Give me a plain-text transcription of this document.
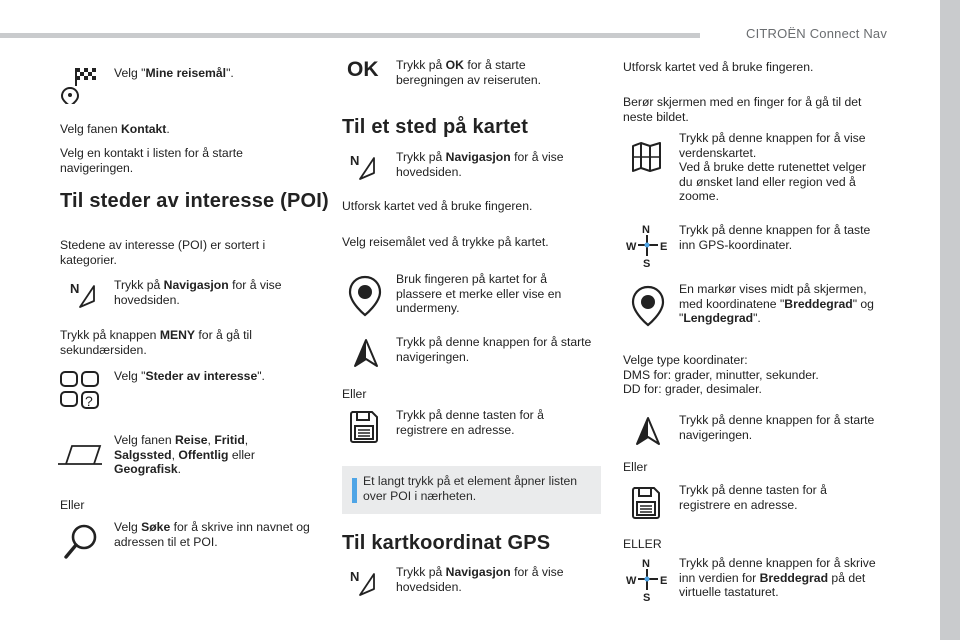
CITROËN Connect Nav
.
13
Velg "Mine reisemål".
Velg fanen Kontakt.
Velg en kontakt i listen for å starte
navigeringen.
Til steder av interesse (POI)
Stedene av interesse (POI) er sortert i
kategorier.
N	Trykk på Navigasjon for å vise
hovedsiden.
Trykk på knappen MENY for å gå til
sekundærsiden.
?
Velg "Steder av interesse".
Velg fanen Reise, Fritid,
Salgssted, Offentlig eller
Geografisk.
Eller
Velg Søke for å skrive inn navnet og
adressen til et POI.
OK Trykk på OK for å starte
beregningen av reiseruten.
Til et sted på kartet
N	Trykk på Navigasjon for å vise
hovedsiden.
Utforsk kartet ved å bruke fingeren.
Velg reisemålet ved å trykke på kartet.
Bruk fingeren på kartet for å
plassere et merke eller vise en
undermeny.
Trykk på denne knappen for å starte
navigeringen.
Eller
Trykk på denne tasten for å
registrere en adresse.
Et langt trykk på et element åpner listen
over POI i nærheten.
Til kartkoordinat GPS
N	Trykk på Navigasjon for å vise
hovedsiden.
Utforsk kartet ved å bruke fingeren.
Berør skjermen med en finger for å gå til det
neste bildet.
Trykk på denne knappen for å vise
verdenskartet.
Ved å bruke dette rutenettet velger
du ønsket land eller region ved å
zoome.
N
S
W E
Trykk på denne knappen for å taste
inn GPS-koordinater.
En markør vises midt på skjermen,
med koordinatene "Breddegrad" og
"Lengdegrad".
Velge type koordinater:
DMS for: grader, minutter, sekunder.
DD for: grader, desimaler.
Trykk på denne knappen for å starte
navigeringen.
Eller
Trykk på denne tasten for å
registrere en adresse.
ELLER
N
S
W E
Trykk på denne knappen for å skrive
inn verdien for Breddegrad på det
virtuelle tastaturet.
